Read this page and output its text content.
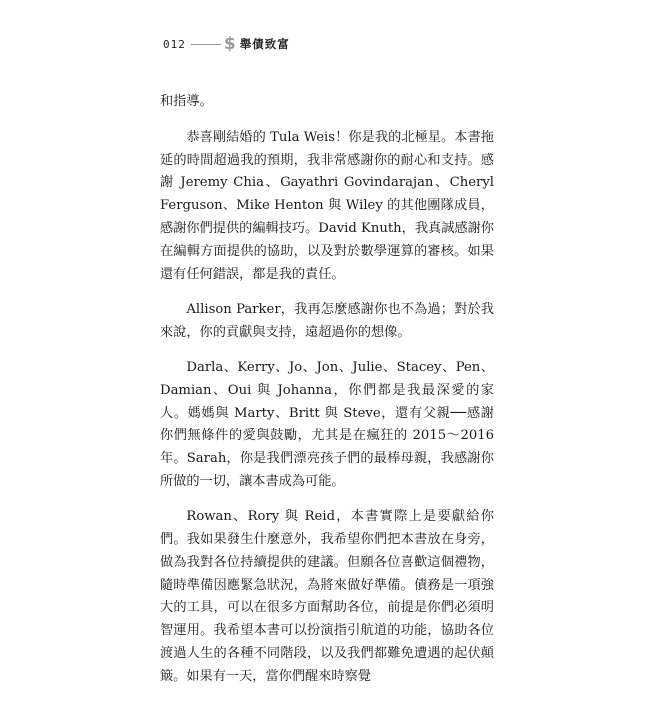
012 $ 舉債致富

和指導。

恭喜剛結婚的 Tula Weis！你是我的北極星。本書拖延的時間超過我的預期，我非常感謝你的耐心和支持。感謝 Jeremy Chia、Gayathri Govindarajan、Cheryl Ferguson、Mike Henton 與 Wiley 的其他團隊成員，感謝你們提供的編輯技巧。David Knuth，我真誠感謝你在編輯方面提供的協助，以及對於數學運算的審核。如果還有任何錯誤，都是我的責任。

Allison Parker，我再怎麼感謝你也不為過；對於我來說，你的貢獻與支持，遠超過你的想像。

Darla、Kerry、Jo、Jon、Julie、Stacey、Pen、Damian、Oui 與 Johanna，你們都是我最深愛的家人。媽媽與 Marty、Britt 與 Steve，還有父親──感謝你們無條件的愛與鼓勵，尤其是在瘋狂的 2015～2016 年。Sarah，你是我們漂亮孩子們的最棒母親，我感謝你所做的一切，讓本書成為可能。

Rowan、Rory 與 Reid，本書實際上是要獻給你們。我如果發生什麼意外，我希望你們把本書放在身旁，做為我對各位持續提供的建議。但願各位喜歡這個禮物，隨時準備因應緊急狀況，為將來做好準備。債務是一項強大的工具，可以在很多方面幫助各位，前提是你們必須明智運用。我希望本書可以扮演指引航道的功能，協助各位渡過人生的各種不同階段，以及我們都難免遭遇的起伏顛簸。如果有一天，當你們醒來時察覺
